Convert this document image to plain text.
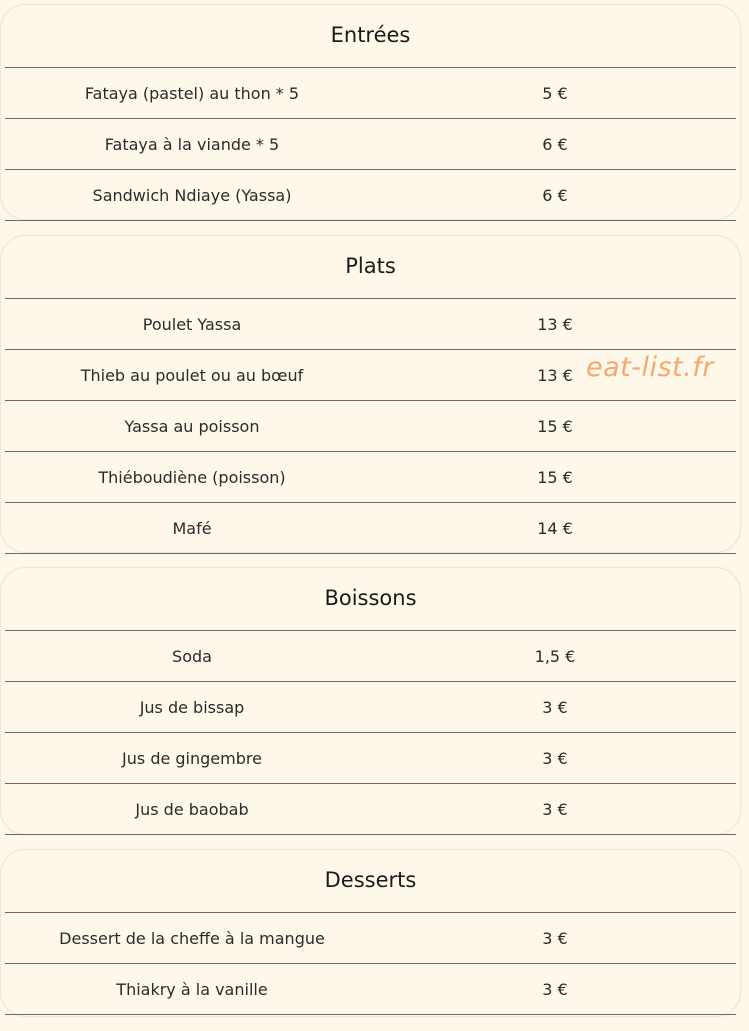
Entrées
Fataya (pastel) au thon * 5	5 €
Fataya à la viande * 5	6 €
Sandwich Ndiaye (Yassa)	6 €
Plats
Poulet Yassa	13 €
Thieb au poulet ou au bœuf	13 €
Yassa au poisson	15 €
Thiéboudiène (poisson)	15 €
Mafé	14 €
Boissons
Soda	1,5 €
Jus de bissap	3 €
Jus de gingembre	3 €
Jus de baobab	3 €
Desserts
Dessert de la cheffe à la mangue	3 €
Thiakry à la vanille	3 €
eat-list.fr
